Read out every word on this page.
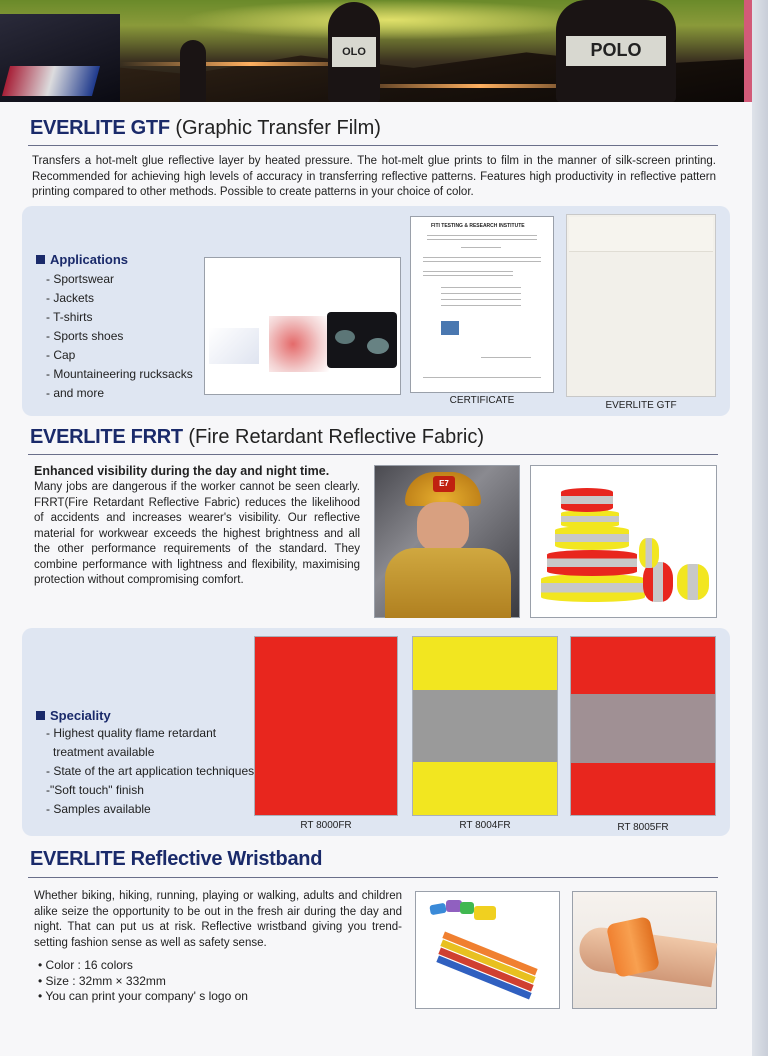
OLO	POLO
EVERLITE GTF (Graphic Transfer Film)
Transfers a hot-melt glue reflective layer by heated pressure. The hot-melt glue prints to film in the manner of silk-screen printing. Recommended for achieving high levels of accuracy in transferring reflective patterns. Features high productivity in reflective pattern printing compared to other methods. Possible to create patterns in your choice of color.
Applications
- Sportswear
- Jackets
- T-shirts
- Sports shoes
- Cap
- Mountaineering rucksacks
- and more
FITI TESTING & RESEARCH INSTITUTE
CERTIFICATE	EVERLITE GTF
EVERLITE FRRT (Fire Retardant Reflective Fabric)
Enhanced visibility during the day and night time.
Many jobs are dangerous if the worker cannot be seen clearly. FRRT(Fire Retardant Reflective Fabric) reduces the likelihood of accidents and increases wearer's visibility. Our reflective material for workwear exceeds the highest brightness and all the other performance requirements of the standard. They combine performance with lightness and flexibility, maximising protection without compromising comfort.
E7
Speciality
- Highest quality flame retardant
treatment available
- State of the art application techniques
-"Soft touch" finish
- Samples available
RT 8000FR	RT 8004FR	RT 8005FR
EVERLITE Reflective Wristband
Whether biking, hiking, running, playing or walking, adults and children alike seize the opportunity to be out in the fresh air during the day and night. That can put us at risk. Reflective wristband giving you trend-setting fashion sense as well as safety sense.
• Color : 16 colors
• Size : 32mm × 332mm
• You can print your company' s logo on
